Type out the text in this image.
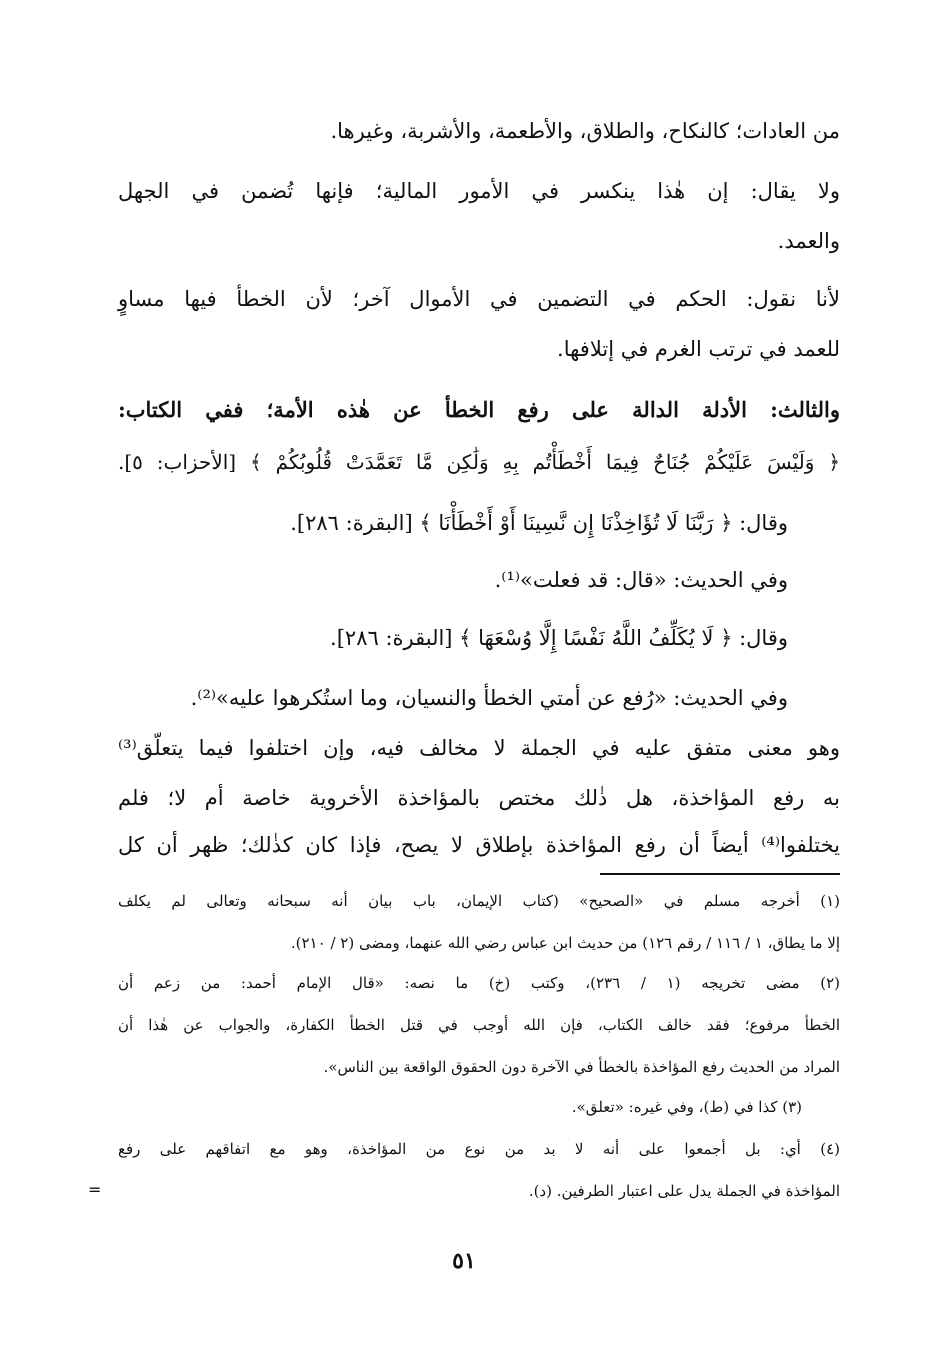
من العادات؛ كالنكاح، والطلاق، والأطعمة، والأشربة، وغيرها.
ولا يقال: إن هٰذا ينكسر في الأمور المالية؛ فإنها تُضمن في الجهل
والعمد.
لأنا نقول: الحكم في التضمين في الأموال آخر؛ لأن الخطأ فيها مساوٍ
للعمد في ترتب الغرم في إتلافها.
والثالث: الأدلة الدالة على رفع الخطأ عن هٰذه الأمة؛ ففي الكتاب:
﴿ وَلَيْسَ عَلَيْكُمْ جُنَاحٌ فِيمَا أَخْطَأْتُم بِهِ وَلَٰكِن مَّا تَعَمَّدَتْ قُلُوبُكُمْ ﴾ [الأحزاب: ٥].
وقال: ﴿ رَبَّنَا لَا تُؤَاخِذْنَا إِن نَّسِينَا أَوْ أَخْطَأْنَا ﴾ [البقرة: ٢٨٦].
وفي الحديث: «قال: قد فعلت»⁽¹⁾.
وقال: ﴿ لَا يُكَلِّفُ اللَّهُ نَفْسًا إِلَّا وُسْعَهَا ﴾ [البقرة: ٢٨٦].
وفي الحديث: «رُفع عن أمتي الخطأ والنسيان، وما استُكرهوا عليه»⁽²⁾.
وهو معنى متفق عليه في الجملة لا مخالف فيه، وإن اختلفوا فيما يتعلّق⁽³⁾
به رفع المؤاخذة، هل ذٰلك مختص بالمؤاخذة الأخروية خاصة أم لا؛ فلم
يختلفوا⁽⁴⁾ أيضاً أن رفع المؤاخذة بإطلاق لا يصح، فإذا كان كذٰلك؛ ظهر أن كل
(١) أخرجه مسلم في «الصحيح» (كتاب الإيمان، باب بيان أنه سبحانه وتعالى لم يكلف
إلا ما يطاق، ١ / ١١٦ / رقم ١٢٦) من حديث ابن عباس رضي الله عنهما، ومضى (٢ / ٢١٠).
(٢) مضى تخريجه (١ / ٢٣٦)، وكتب (خ) ما نصه: «قال الإمام أحمد: من زعم أن
الخطأ مرفوع؛ فقد خالف الكتاب، فإن الله أوجب في قتل الخطأ الكفارة، والجواب عن هٰذا أن
المراد من الحديث رفع المؤاخذة بالخطأ في الآخرة دون الحقوق الواقعة بين الناس».
(٣) كذا في (ط)، وفي غيره: «تعلق».
(٤) أي: بل أجمعوا على أنه لا بد من نوع من المؤاخذة، وهو مع اتفاقهم على رفع
المؤاخذة في الجملة يدل على اعتبار الطرفين. (د).
=
٥١
